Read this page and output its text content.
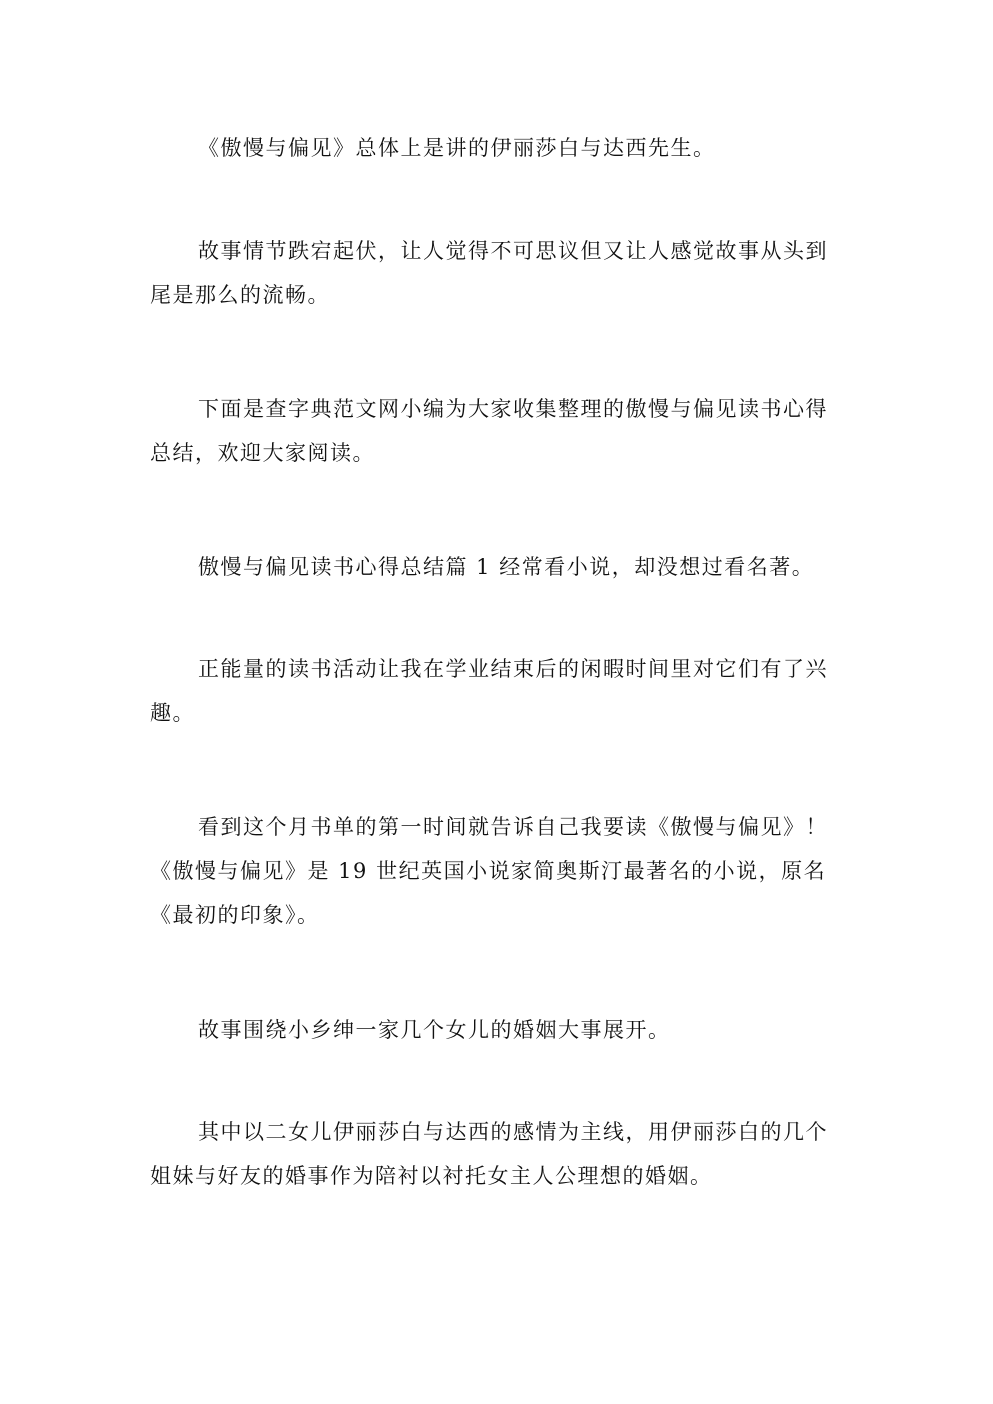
《傲慢与偏见》总体上是讲的伊丽莎白与达西先生。

故事情节跌宕起伏，让人觉得不可思议但又让人感觉故事从头到尾是那么的流畅。

下面是查字典范文网小编为大家收集整理的傲慢与偏见读书心得总结，欢迎大家阅读。

傲慢与偏见读书心得总结篇 1 经常看小说，却没想过看名著。

正能量的读书活动让我在学业结束后的闲暇时间里对它们有了兴趣。

看到这个月书单的第一时间就告诉自己我要读《傲慢与偏见》！《傲慢与偏见》是 19 世纪英国小说家简奥斯汀最著名的小说，原名《最初的印象》。

故事围绕小乡绅一家几个女儿的婚姻大事展开。

其中以二女儿伊丽莎白与达西的感情为主线，用伊丽莎白的几个姐妹与好友的婚事作为陪衬以衬托女主人公理想的婚姻。
